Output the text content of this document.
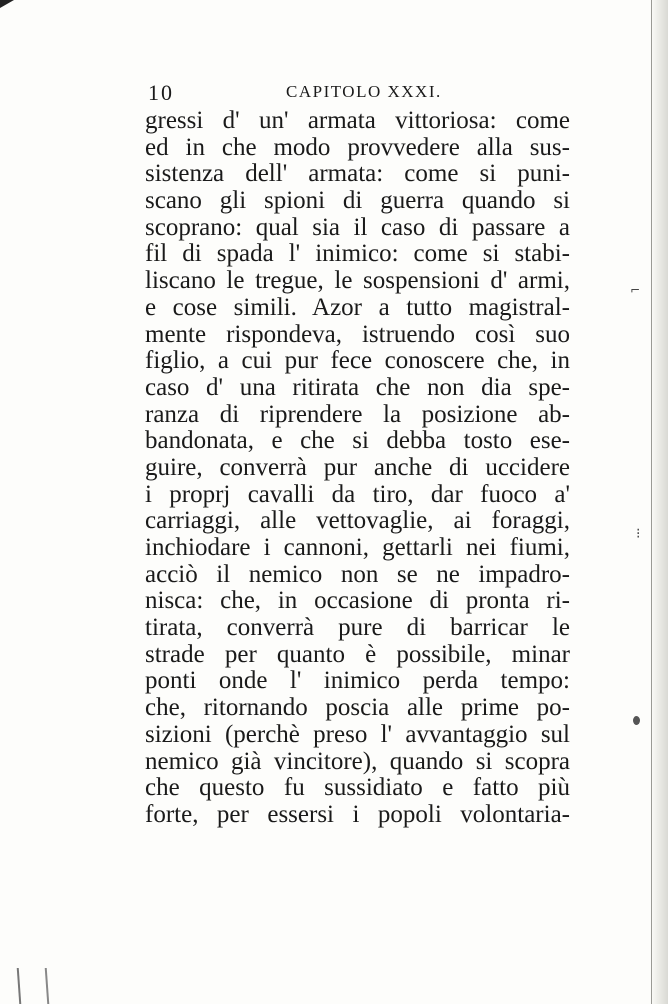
10	CAPITOLO XXXI.
gressi d' un' armata vittoriosa: come
ed in che modo provvedere alla sus-
sistenza dell' armata: come si puni-
scano gli spioni di guerra quando si
scoprano: qual sia il caso di passare a
fil di spada l' inimico: come si stabi-
liscano le tregue, le sospensioni d' armi,
e cose simili. Azor a tutto magistral-
mente rispondeva, istruendo così suo
figlio, a cui pur fece conoscere che, in
caso d' una ritirata che non dia spe-
ranza di riprendere la posizione ab-
bandonata, e che si debba tosto ese-
guire, converrà pur anche di uccidere
i proprj cavalli da tiro, dar fuoco a'
carriaggi, alle vettovaglie, ai foraggi,
inchiodare i cannoni, gettarli nei fiumi,
acciò il nemico non se ne impadro-
nisca: che, in occasione di pronta ri-
tirata, converrà pure di barricar le
strade per quanto è possibile, minar
ponti onde l' inimico perda tempo:
che, ritornando poscia alle prime po-
sizioni (perchè preso l' avvantaggio sul
nemico già vincitore), quando si scopra
che questo fu sussidiato e fatto più
forte, per essersi i popoli volontaria-
⌐
⁝
